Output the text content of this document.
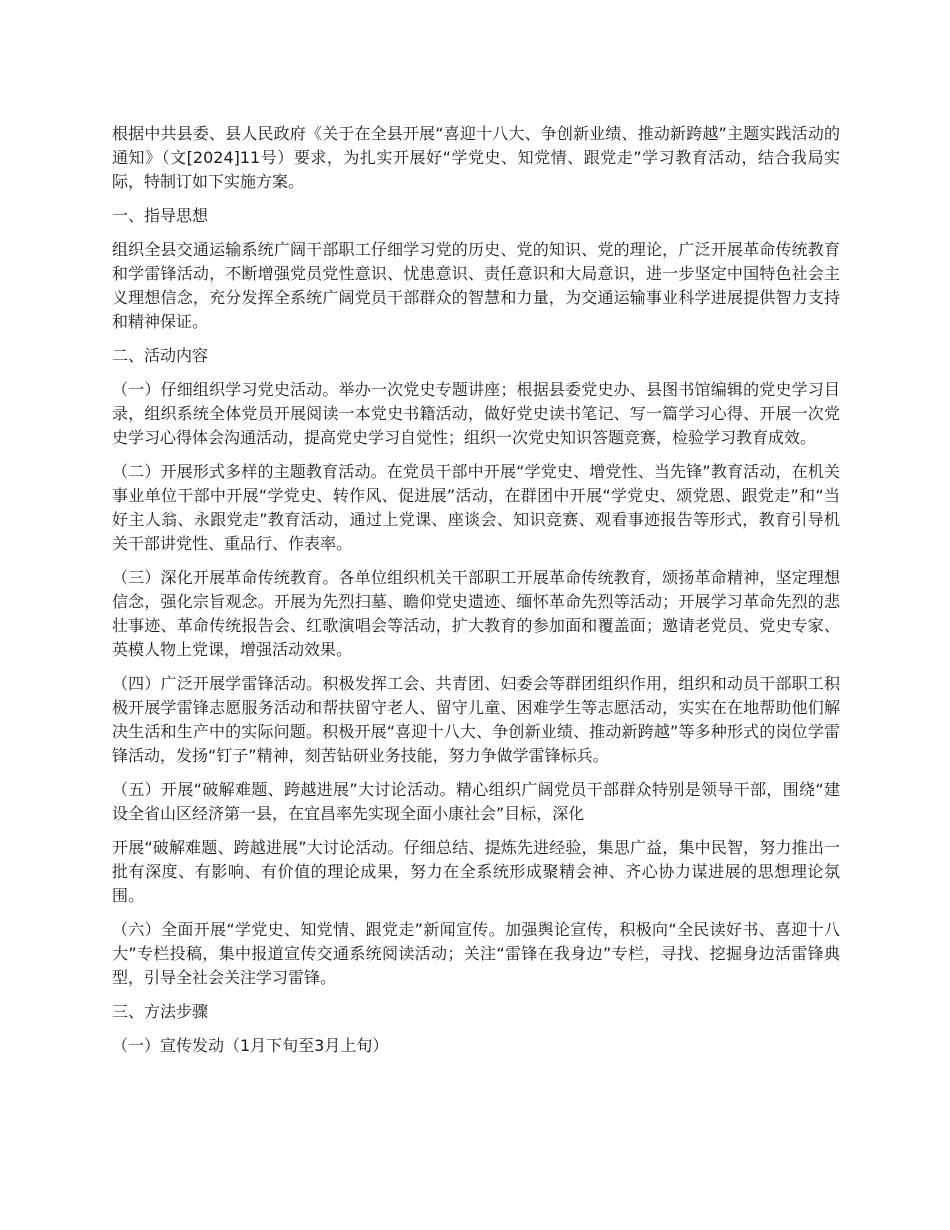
根据中共县委、县人民政府《关于在全县开展“喜迎十八大、争创新业绩、推动新跨越”主题实践活动的通知》（文[2024]11号）要求，为扎实开展好“学党史、知党情、跟党走”学习教育活动，结合我局实际，特制订如下实施方案。

一、指导思想

组织全县交通运输系统广阔干部职工仔细学习党的历史、党的知识、党的理论，广泛开展革命传统教育和学雷锋活动，不断增强党员党性意识、忧患意识、责任意识和大局意识，进一步坚定中国特色社会主义理想信念，充分发挥全系统广阔党员干部群众的智慧和力量，为交通运输事业科学进展提供智力支持和精神保证。

二、活动内容

（一）仔细组织学习党史活动。举办一次党史专题讲座；根据县委党史办、县图书馆编辑的党史学习目录，组织系统全体党员开展阅读一本党史书籍活动，做好党史读书笔记、写一篇学习心得、开展一次党史学习心得体会沟通活动，提高党史学习自觉性；组织一次党史知识答题竞赛，检验学习教育成效。

（二）开展形式多样的主题教育活动。在党员干部中开展“学党史、增党性、当先锋”教育活动，在机关事业单位干部中开展“学党史、转作风、促进展”活动，在群团中开展“学党史、颂党恩、跟党走”和“当好主人翁、永跟党走”教育活动，通过上党课、座谈会、知识竞赛、观看事迹报告等形式，教育引导机关干部讲党性、重品行、作表率。

（三）深化开展革命传统教育。各单位组织机关干部职工开展革命传统教育，颂扬革命精神，坚定理想信念，强化宗旨观念。开展为先烈扫墓、瞻仰党史遗迹、缅怀革命先烈等活动；开展学习革命先烈的悲壮事迹、革命传统报告会、红歌演唱会等活动，扩大教育的参加面和覆盖面；邀请老党员、党史专家、英模人物上党课，增强活动效果。

（四）广泛开展学雷锋活动。积极发挥工会、共青团、妇委会等群团组织作用，组织和动员干部职工积极开展学雷锋志愿服务活动和帮扶留守老人、留守儿童、困难学生等志愿活动，实实在在地帮助他们解决生活和生产中的实际问题。积极开展“喜迎十八大、争创新业绩、推动新跨越”等多种形式的岗位学雷锋活动，发扬“钉子”精神，刻苦钻研业务技能，努力争做学雷锋标兵。

（五）开展“破解难题、跨越进展”大讨论活动。精心组织广阔党员干部群众特别是领导干部，围绕“建设全省山区经济第一县，在宜昌率先实现全面小康社会”目标，深化

开展“破解难题、跨越进展”大讨论活动。仔细总结、提炼先进经验，集思广益，集中民智，努力推出一批有深度、有影响、有价值的理论成果，努力在全系统形成聚精会神、齐心协力谋进展的思想理论氛围。

（六）全面开展“学党史、知党情、跟党走”新闻宣传。加强舆论宣传，积极向“全民读好书、喜迎十八大”专栏投稿，集中报道宣传交通系统阅读活动；关注“雷锋在我身边”专栏，寻找、挖掘身边活雷锋典型，引导全社会关注学习雷锋。

三、方法步骤

（一）宣传发动（1月下旬至3月上旬）
